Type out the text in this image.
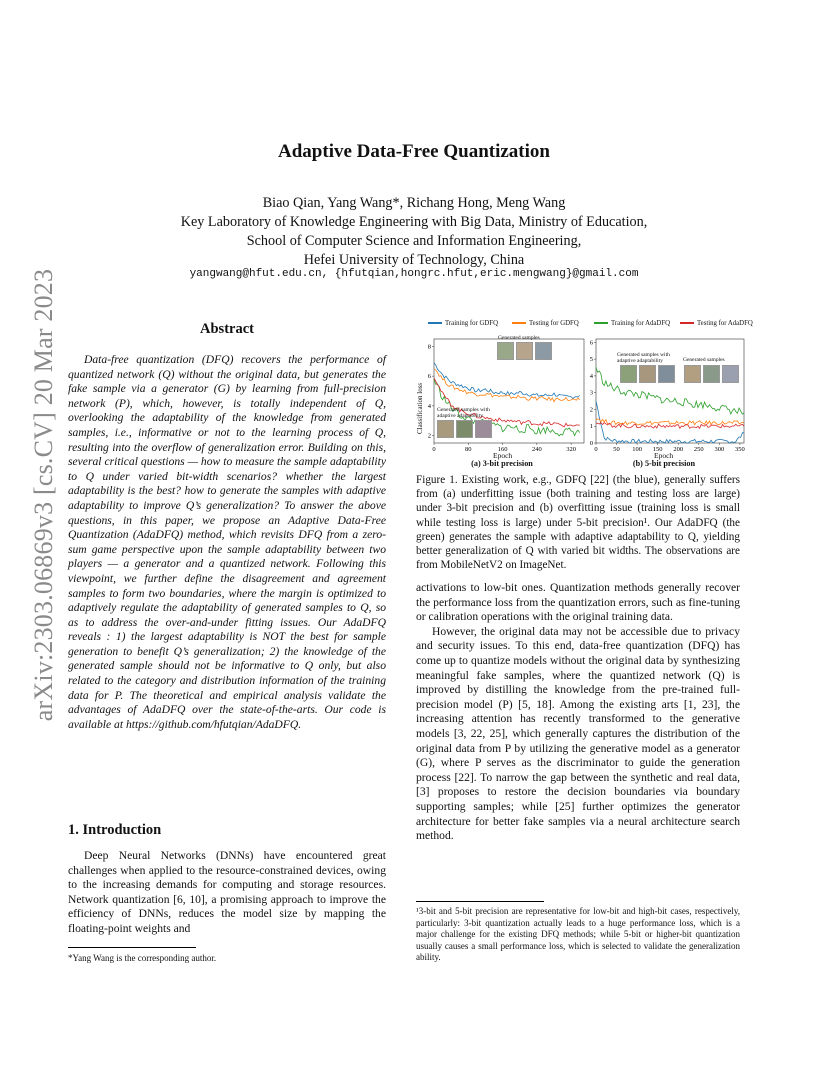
arXiv:2303.06869v3 [cs.CV] 20 Mar 2023
Adaptive Data-Free Quantization
Biao Qian, Yang Wang*, Richang Hong, Meng Wang
Key Laboratory of Knowledge Engineering with Big Data, Ministry of Education,
School of Computer Science and Information Engineering,
Hefei University of Technology, China
yangwang@hfut.edu.cn, {hfutqian,hongrc.hfut,eric.mengwang}@gmail.com
Abstract

Data-free quantization (DFQ) recovers the performance of quantized network (Q) without the original data, but generates the fake sample via a generator (G) by learning from full-precision network (P), which, however, is totally independent of Q, overlooking the adaptability of the knowledge from generated samples, i.e., informative or not to the learning process of Q, resulting into the overflow of generalization error. Building on this, several critical questions — how to measure the sample adaptability to Q under varied bit-width scenarios? whether the largest adaptability is the best? how to generate the samples with adaptive adaptability to improve Q’s generalization? To answer the above questions, in this paper, we propose an Adaptive Data-Free Quantization (AdaDFQ) method, which revisits DFQ from a zero-sum game perspective upon the sample adaptability between two players — a generator and a quantized network. Following this viewpoint, we further define the disagreement and agreement samples to form two boundaries, where the margin is optimized to adaptively regulate the adaptability of generated samples to Q, so as to address the over-and-under fitting issues. Our AdaDFQ reveals : 1) the largest adaptability is NOT the best for sample generation to benefit Q’s generalization; 2) the knowledge of the generated sample should not be informative to Q only, but also related to the category and distribution information of the training data for P. The theoretical and empirical analysis validate the advantages of AdaDFQ over the state-of-the-arts. Our code is available at https://github.com/hfutqian/AdaDFQ.

1. Introduction

Deep Neural Networks (DNNs) have encountered great challenges when applied to the resource-constrained devices, owing to the increasing demands for computing and storage resources. Network quantization [6, 10], a promising approach to improve the efficiency of DNNs, reduces the model size by mapping the floating-point weights and

*Yang Wang is the corresponding author.
Training for GDFQ	Testing for GDFQ	Training for AdaDFQ	Testing for AdaDFQ
0	80	160	240	320
2
4
6
8
0 50 100 150 200 250 300 350
0
1
2
3
4
5
6
Classification loss
Generated samples
Generated samples with adaptive adaptability
Generated samples with adaptive adaptability	Generated samples
Epoch	Epoch
(a) 3-bit precision	(b) 5-bit precision
Figure 1. Existing work, e.g., GDFQ [22] (the blue), generally suffers from (a) underfitting issue (both training and testing loss are large) under 3-bit precision and (b) overfitting issue (training loss is small while testing loss is large) under 5-bit precision¹. Our AdaDFQ (the green) generates the sample with adaptive adaptability to Q, yielding better generalization of Q with varied bit widths. The observations are from MobileNetV2 on ImageNet.

activations to low-bit ones. Quantization methods generally recover the performance loss from the quantization errors, such as fine-tuning or calibration operations with the original training data.

However, the original data may not be accessible due to privacy and security issues. To this end, data-free quantization (DFQ) has come up to quantize models without the original data by synthesizing meaningful fake samples, where the quantized network (Q) is improved by distilling the knowledge from the pre-trained full-precision model (P) [5, 18]. Among the existing arts [1, 23], the increasing attention has recently transformed to the generative models [3, 22, 25], which generally captures the distribution of the original data from P by utilizing the generative model as a generator (G), where P serves as the discriminator to guide the generation process [22]. To narrow the gap between the synthetic and real data, [3] proposes to restore the decision boundaries via boundary supporting samples; while [25] further optimizes the generator architecture for better fake samples via a neural architecture search method.

¹3-bit and 5-bit precision are representative for low-bit and high-bit cases, respectively, particularly: 3-bit quantization actually leads to a huge performance loss, which is a major challenge for the existing DFQ methods; while 5-bit or higher-bit quantization usually causes a small performance loss, which is selected to validate the generalization ability.
